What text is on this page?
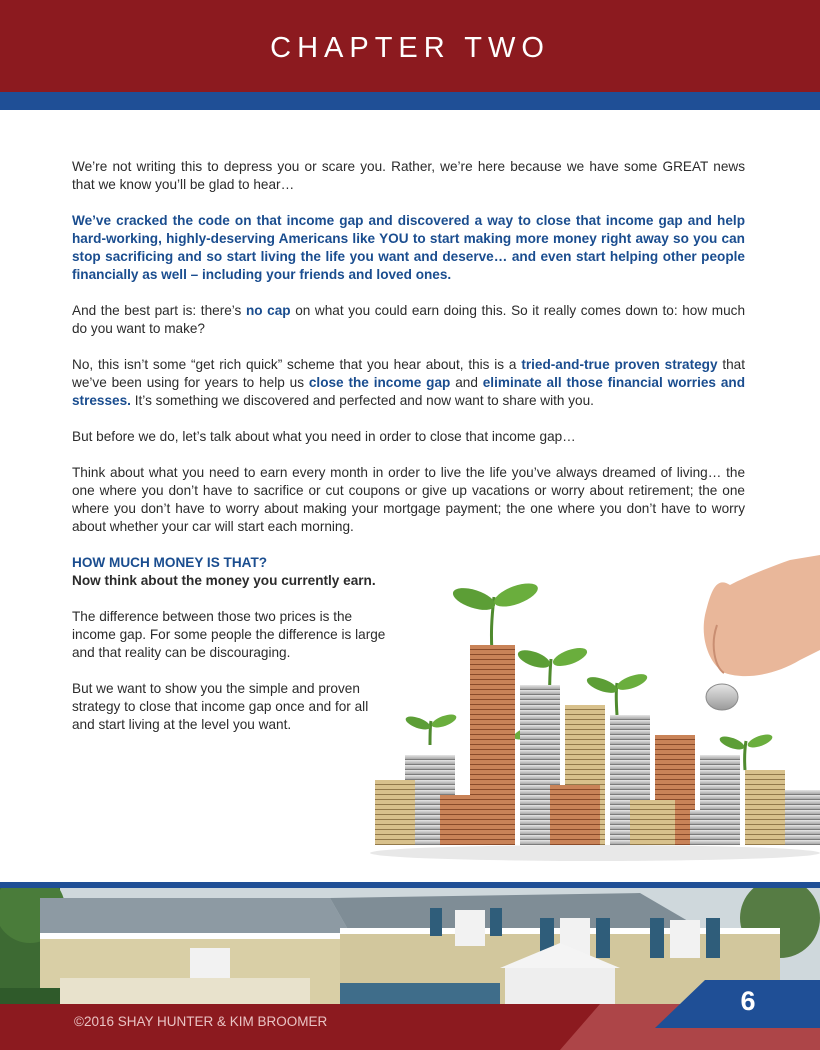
CHAPTER TWO

We’re not writing this to depress you or scare you. Rather, we’re here because we have some GREAT news that we know you’ll be glad to hear…

We’ve cracked the code on that income gap and discovered a way to close that income gap and help hard-working, highly-deserving Americans like YOU to start making more money right away so you can stop sacrificing and so start living the life you want and deserve… and even start helping other people financially as well – including your friends and loved ones.

And the best part is: there’s no cap on what you could earn doing this. So it really comes down to: how much do you want to make?

No, this isn’t some “get rich quick” scheme that you hear about, this is a tried-and-true proven strategy that we’ve been using for years to help us close the income gap and eliminate all those financial worries and stresses. It’s something we discovered and perfected and now want to share with you.

But before we do, let’s talk about what you need in order to close that income gap…

Think about what you need to earn every month in order to live the life you’ve always dreamed of living… the one where you don’t have to sacrifice or cut coupons or give up vacations or worry about retirement; the one where you don’t have to worry about making your mortgage payment; the one where you don’t have to worry about whether your car will start each morning.

HOW MUCH MONEY IS THAT?
Now think about the money you currently earn.

The difference between those two prices is the income gap. For some people the difference is large and that reality can be discouraging.

But we want to show you the simple and proven strategy to close that income gap once and for all and start living at the level you want.

©2016 SHAY HUNTER & KIM BROOMER
6
